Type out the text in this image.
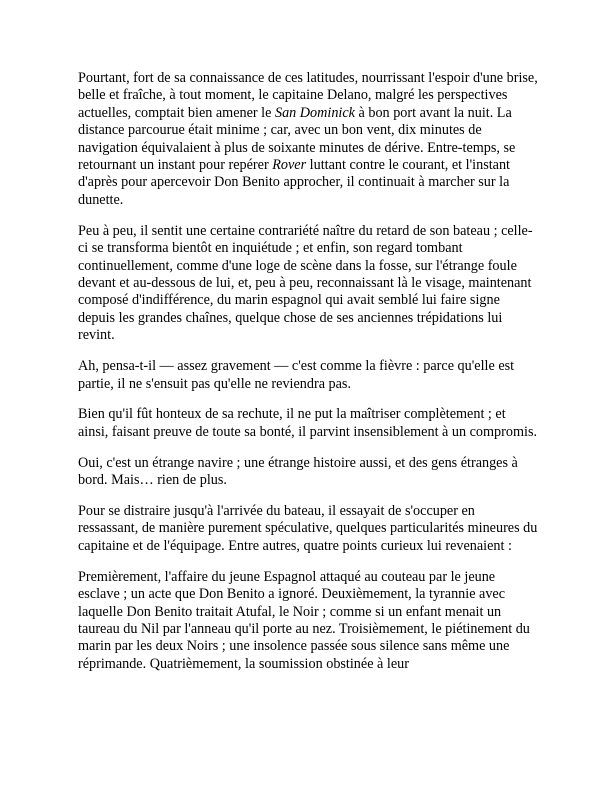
Pourtant, fort de sa connaissance de ces latitudes, nourrissant l'espoir d'une brise, belle et fraîche, à tout moment, le capitaine Delano, malgré les perspectives actuelles, comptait bien amener le San Dominick à bon port avant la nuit. La distance parcourue était minime ; car, avec un bon vent, dix minutes de navigation équivalaient à plus de soixante minutes de dérive. Entre-temps, se retournant un instant pour repérer Rover luttant contre le courant, et l'instant d'après pour apercevoir Don Benito approcher, il continuait à marcher sur la dunette.

Peu à peu, il sentit une certaine contrariété naître du retard de son bateau ; celle-ci se transforma bientôt en inquiétude ; et enfin, son regard tombant continuellement, comme d'une loge de scène dans la fosse, sur l'étrange foule devant et au-dessous de lui, et, peu à peu, reconnaissant là le visage, maintenant composé d'indifférence, du marin espagnol qui avait semblé lui faire signe depuis les grandes chaînes, quelque chose de ses anciennes trépidations lui revint.

Ah, pensa-t-il — assez gravement — c'est comme la fièvre : parce qu'elle est partie, il ne s'ensuit pas qu'elle ne reviendra pas.

Bien qu'il fût honteux de sa rechute, il ne put la maîtriser complètement ; et ainsi, faisant preuve de toute sa bonté, il parvint insensiblement à un compromis.

Oui, c'est un étrange navire ; une étrange histoire aussi, et des gens étranges à bord. Mais… rien de plus.

Pour se distraire jusqu'à l'arrivée du bateau, il essayait de s'occuper en ressassant, de manière purement spéculative, quelques particularités mineures du capitaine et de l'équipage. Entre autres, quatre points curieux lui revenaient :

Premièrement, l'affaire du jeune Espagnol attaqué au couteau par le jeune esclave ; un acte que Don Benito a ignoré. Deuxièmement, la tyrannie avec laquelle Don Benito traitait Atufal, le Noir ; comme si un enfant menait un taureau du Nil par l'anneau qu'il porte au nez. Troisièmement, le piétinement du marin par les deux Noirs ; une insolence passée sous silence sans même une réprimande. Quatrièmement, la soumission obstinée à leur
